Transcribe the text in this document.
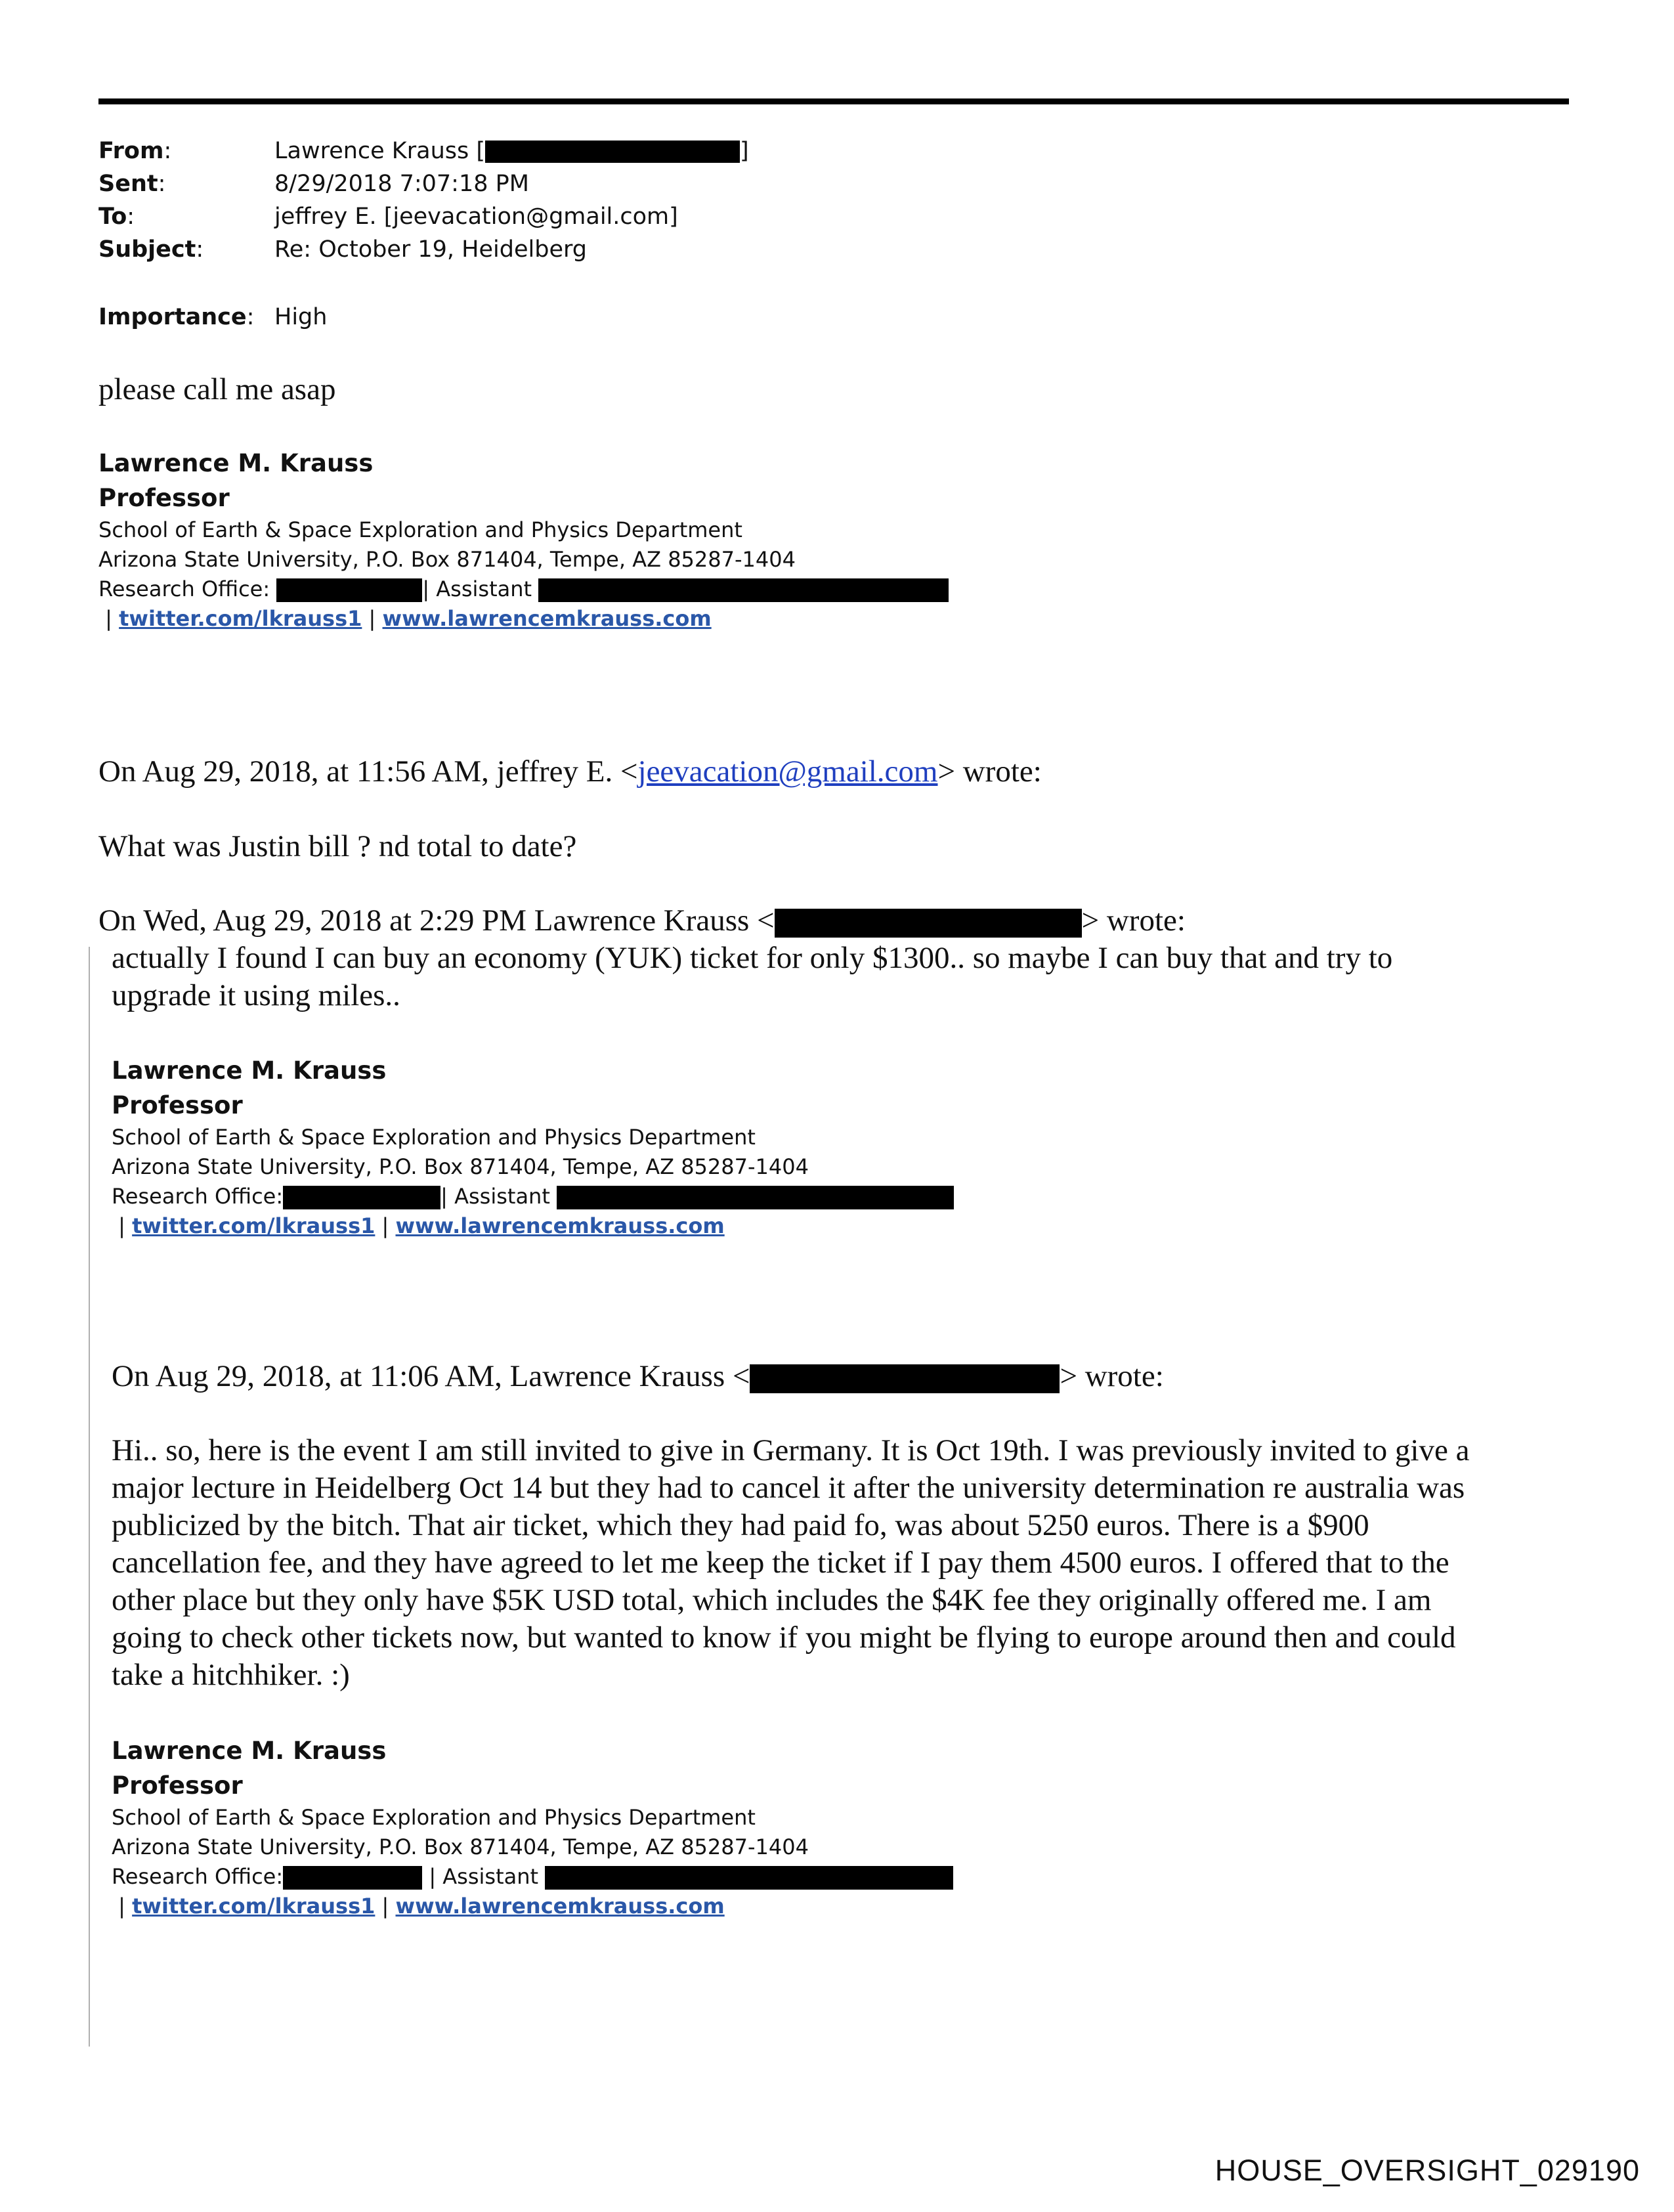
From:	Lawrence Krauss [	]
Sent:	8/29/2018 7:07:18 PM
To:	jeffrey E. [jeevacation@gmail.com]
Subject:	Re: October 19, Heidelberg
Importance: High
please call me asap
Lawrence M. Krauss
Professor
School of Earth & Space Exploration and Physics Department
Arizona State University, P.O. Box 871404, Tempe, AZ 85287-1404
Research Office:	| Assistant
| twitter.com/lkrauss1 | www.lawrencemkrauss.com
On Aug 29, 2018, at 11:56 AM, jeffrey E. <jeevacation@gmail.com> wrote:
What was Justin bill ? nd total to date?
On Wed, Aug 29, 2018 at 2:29 PM Lawrence Krauss <	> wrote:
actually I found I can buy an economy (YUK) ticket for only $1300.. so maybe I can buy that and try to
upgrade it using miles..
Lawrence M. Krauss
Professor
School of Earth & Space Exploration and Physics Department
Arizona State University, P.O. Box 871404, Tempe, AZ 85287-1404
Research Office:	| Assistant
| twitter.com/lkrauss1 | www.lawrencemkrauss.com
On Aug 29, 2018, at 11:06 AM, Lawrence Krauss <	> wrote:
Hi.. so, here is the event I am still invited to give in Germany. It is Oct 19th. I was previously invited to give a
major lecture in Heidelberg Oct 14 but they had to cancel it after the university determination re australia was
publicized by the bitch. That air ticket, which they had paid fo, was about 5250 euros. There is a $900
cancellation fee, and they have agreed to let me keep the ticket if I pay them 4500 euros. I offered that to the
other place but they only have $5K USD total, which includes the $4K fee they originally offered me. I am
going to check other tickets now, but wanted to know if you might be flying to europe around then and could
take a hitchhiker. :)
Lawrence M. Krauss
Professor
School of Earth & Space Exploration and Physics Department
Arizona State University, P.O. Box 871404, Tempe, AZ 85287-1404
Research Office:	| Assistant
| twitter.com/lkrauss1 | www.lawrencemkrauss.com
HOUSE_OVERSIGHT_029190
